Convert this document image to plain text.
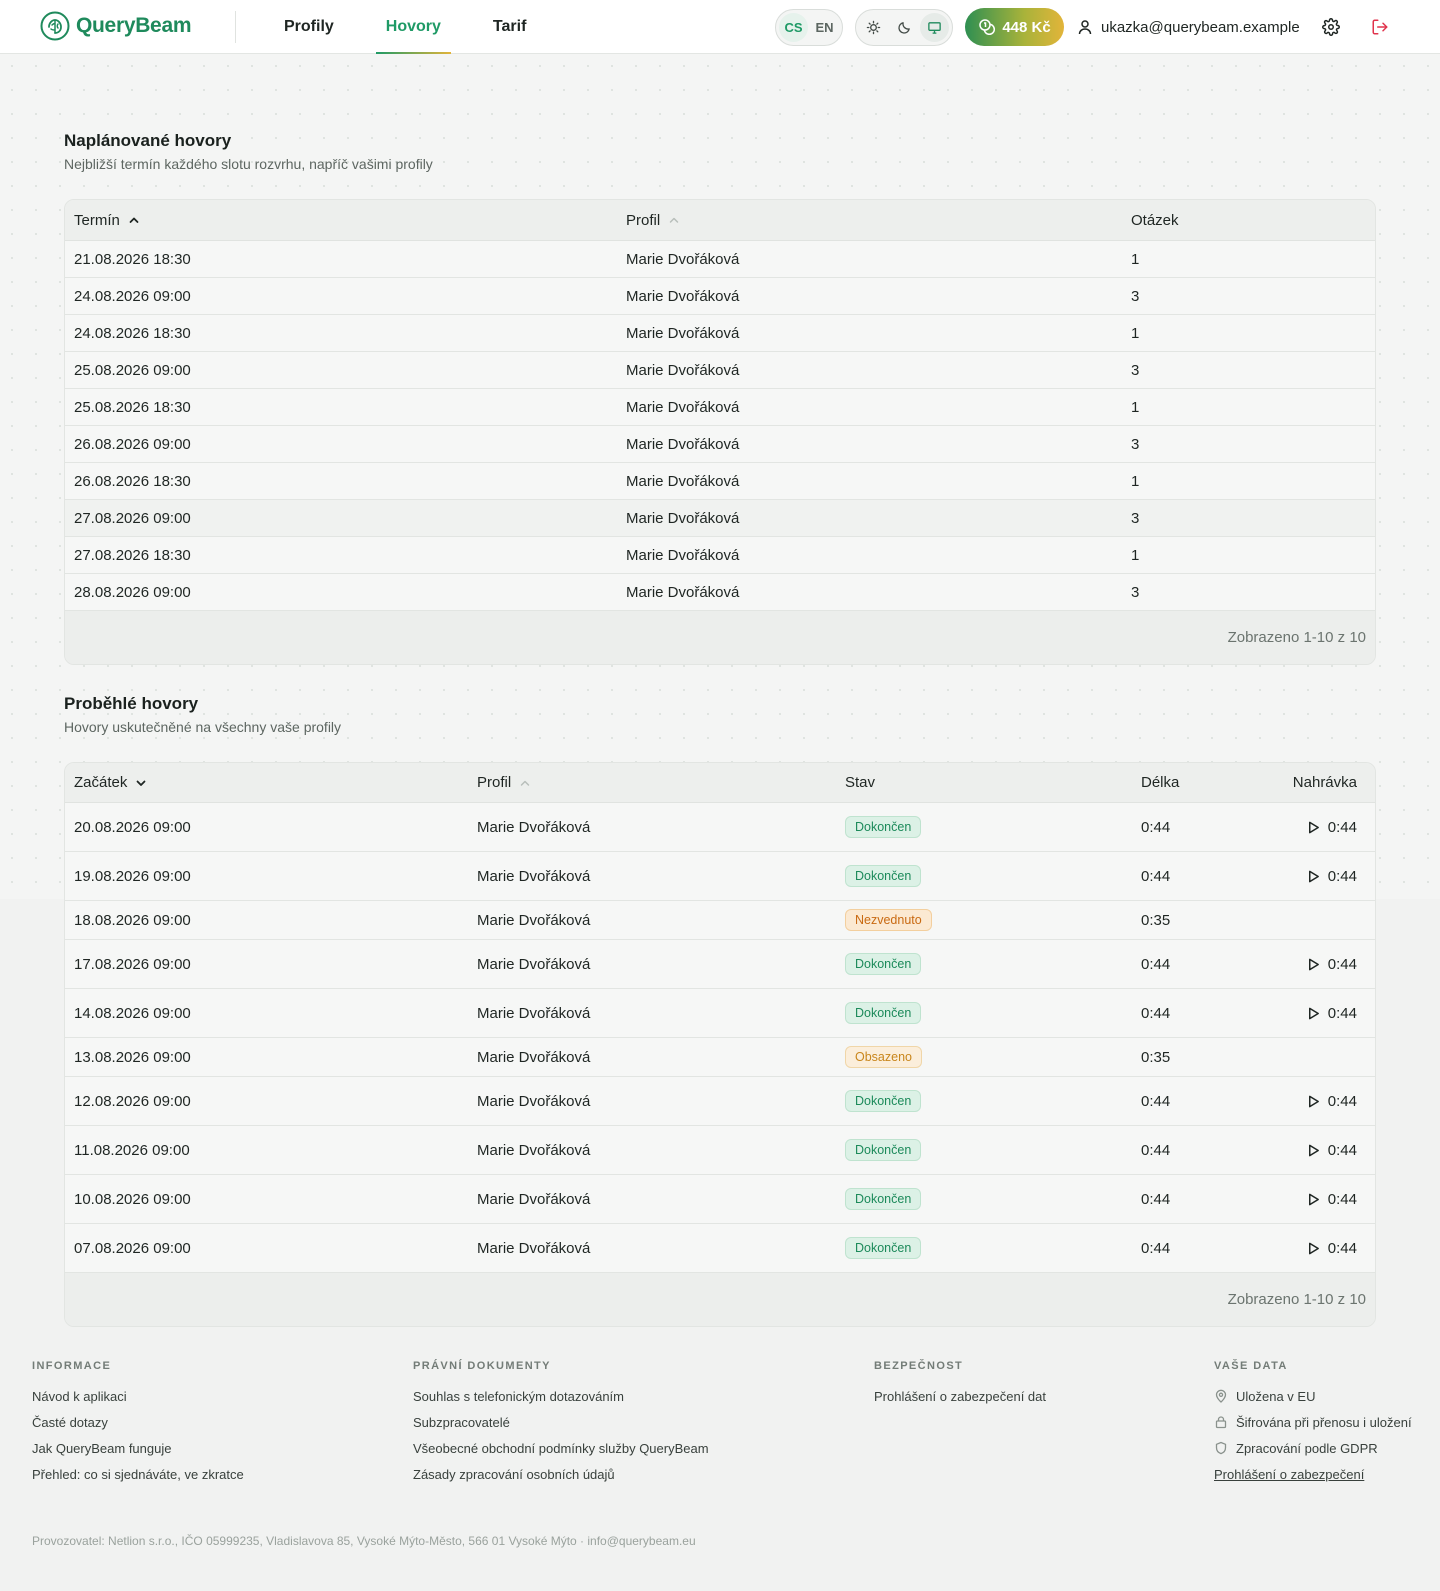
QueryBeam	Profily	Hovory	Tarif	CS EN	448 Kč	ukazka@querybeam.example
Naplánované hovory
Nejbližší termín každého slotu rozvrhu, napříč vašimi profily
Termín	Profil	Otázek
21.08.2026 18:30	Marie Dvořáková	1
24.08.2026 09:00	Marie Dvořáková	3
24.08.2026 18:30	Marie Dvořáková	1
25.08.2026 09:00	Marie Dvořáková	3
25.08.2026 18:30	Marie Dvořáková	1
26.08.2026 09:00	Marie Dvořáková	3
26.08.2026 18:30	Marie Dvořáková	1
27.08.2026 09:00	Marie Dvořáková	3
27.08.2026 18:30	Marie Dvořáková	1
28.08.2026 09:00	Marie Dvořáková	3
Zobrazeno 1-10 z 10
Proběhlé hovory
Hovory uskutečněné na všechny vaše profily
Začátek	Profil	Stav	Délka	Nahrávka
20.08.2026 09:00	Marie Dvořáková	Dokončen	0:44	0:44
19.08.2026 09:00	Marie Dvořáková	Dokončen	0:44	0:44
18.08.2026 09:00	Marie Dvořáková	Nezvednuto	0:35
17.08.2026 09:00	Marie Dvořáková	Dokončen	0:44	0:44
14.08.2026 09:00	Marie Dvořáková	Dokončen	0:44	0:44
13.08.2026 09:00	Marie Dvořáková	Obsazeno	0:35
12.08.2026 09:00	Marie Dvořáková	Dokončen	0:44	0:44
11.08.2026 09:00	Marie Dvořáková	Dokončen	0:44	0:44
10.08.2026 09:00	Marie Dvořáková	Dokončen	0:44	0:44
07.08.2026 09:00	Marie Dvořáková	Dokončen	0:44	0:44
Zobrazeno 1-10 z 10
INFORMACE
Návod k aplikaci
Časté dotazy
Jak QueryBeam funguje
Přehled: co si sjednáváte, ve zkratce
PRÁVNÍ DOKUMENTY
Souhlas s telefonickým dotazováním
Subzpracovatelé
Všeobecné obchodní podmínky služby QueryBeam
Zásady zpracování osobních údajů
BEZPEČNOST
Prohlášení o zabezpečení dat
VAŠE DATA
Uložena v EU
Šifrována při přenosu i uložení
Zpracování podle GDPR
Prohlášení o zabezpečení
Provozovatel: Netlion s.r.o., IČO 05999235, Vladislavova 85, Vysoké Mýto-Město, 566 01 Vysoké Mýto · info@querybeam.eu
